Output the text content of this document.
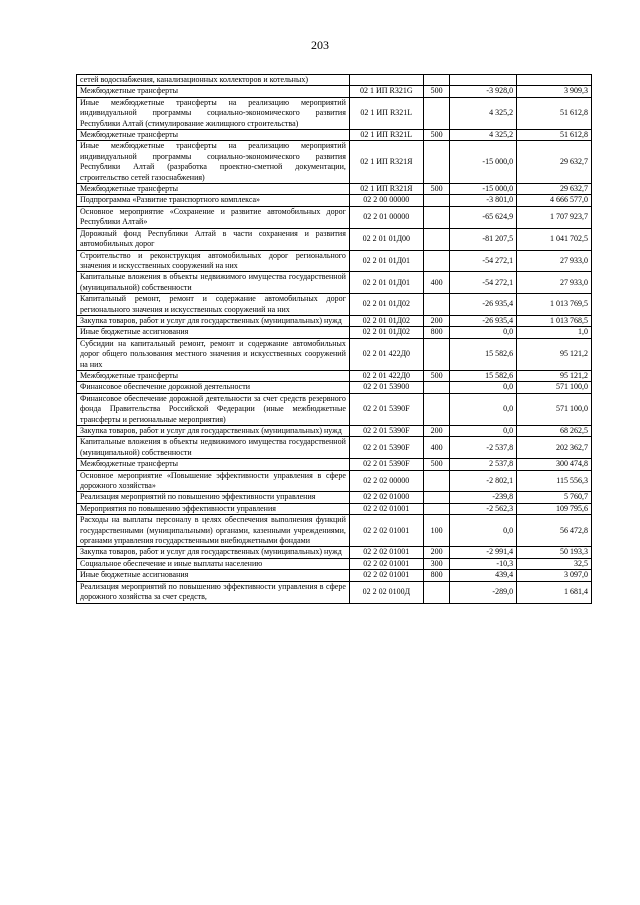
203
сетей водоснабжения, канализационных коллекторов и котельных)				
Межбюджетные трансферты	02 1 ИП R321G	500	-3 928,0	3 909,3
Иные межбюджетные трансферты на реализацию мероприятий индивидуальной программы социально-экономического развития Республики Алтай (стимулирование жилищного строительства)	02 1 ИП R321L		4 325,2	51 612,8
Межбюджетные трансферты	02 1 ИП R321L	500	4 325,2	51 612,8
Иные межбюджетные трансферты на реализацию мероприятий индивидуальной программы социально-экономического развития Республики Алтай (разработка проектно-сметной документации, строительство сетей газоснабжения)	02 1 ИП R321Я		-15 000,0	29 632,7
Межбюджетные трансферты	02 1 ИП R321Я	500	-15 000,0	29 632,7
Подпрограмма «Развитие транспортного комплекса»	02 2 00 00000		-3 801,0	4 666 577,0
Основное мероприятие «Сохранение и развитие автомобильных дорог Республики Алтай»	02 2 01 00000		-65 624,9	1 707 923,7
Дорожный фонд Республики Алтай в части сохранения и развития автомобильных дорог	02 2 01 01Д00		-81 207,5	1 041 702,5
Строительство и реконструкция автомобильных дорог регионального значения и искусственных сооружений на них	02 2 01 01Д01		-54 272,1	27 933,0
Капитальные вложения в объекты недвижимого имущества государственной (муниципальной) собственности	02 2 01 01Д01	400	-54 272,1	27 933,0
Капитальный ремонт, ремонт и содержание автомобильных дорог регионального значения и искусственных сооружений на них	02 2 01 01Д02		-26 935,4	1 013 769,5
Закупка товаров, работ и услуг для государственных (муниципальных) нужд	02 2 01 01Д02	200	-26 935,4	1 013 768,5
Иные бюджетные ассигнования	02 2 01 01Д02	800	0,0	1,0
Субсидии на капитальный ремонт, ремонт и содержание автомобильных дорог общего пользования местного значения и искусственных сооружений на них	02 2 01 422Д0		15 582,6	95 121,2
Межбюджетные трансферты	02 2 01 422Д0	500	15 582,6	95 121,2
Финансовое обеспечение дорожной деятельности	02 2 01 53900		0,0	571 100,0
Финансовое обеспечение дорожной деятельности за счет средств резервного фонда Правительства Российской Федерации (иные межбюджетные трансферты и региональные мероприятия)	02 2 01 5390F		0,0	571 100,0
Закупка товаров, работ и услуг для государственных (муниципальных) нужд	02 2 01 5390F	200	0,0	68 262,5
Капитальные вложения в объекты недвижимого имущества государственной (муниципальной) собственности	02 2 01 5390F	400	-2 537,8	202 362,7
Межбюджетные трансферты	02 2 01 5390F	500	2 537,8	300 474,8
Основное мероприятие «Повышение эффективности управления в сфере дорожного хозяйства»	02 2 02 00000		-2 802,1	115 556,3
Реализация мероприятий по повышению эффективности управления	02 2 02 01000		-239,8	5 760,7
Мероприятия по повышению эффективности управления	02 2 02 01001		-2 562,3	109 795,6
Расходы на выплаты персоналу в целях обеспечения выполнения функций государственными (муниципальными) органами, казенными учреждениями, органами управления государственными внебюджетными фондами	02 2 02 01001	100	0,0	56 472,8
Закупка товаров, работ и услуг для государственных (муниципальных) нужд	02 2 02 01001	200	-2 991,4	50 193,3
Социальное обеспечение и иные выплаты населению	02 2 02 01001	300	-10,3	32,5
Иные бюджетные ассигнования	02 2 02 01001	800	439,4	3 097,0
Реализация мероприятий по повышению эффективности управления в сфере дорожного хозяйства за счет средств,	02 2 02 0100Д		-289,0	1 681,4
